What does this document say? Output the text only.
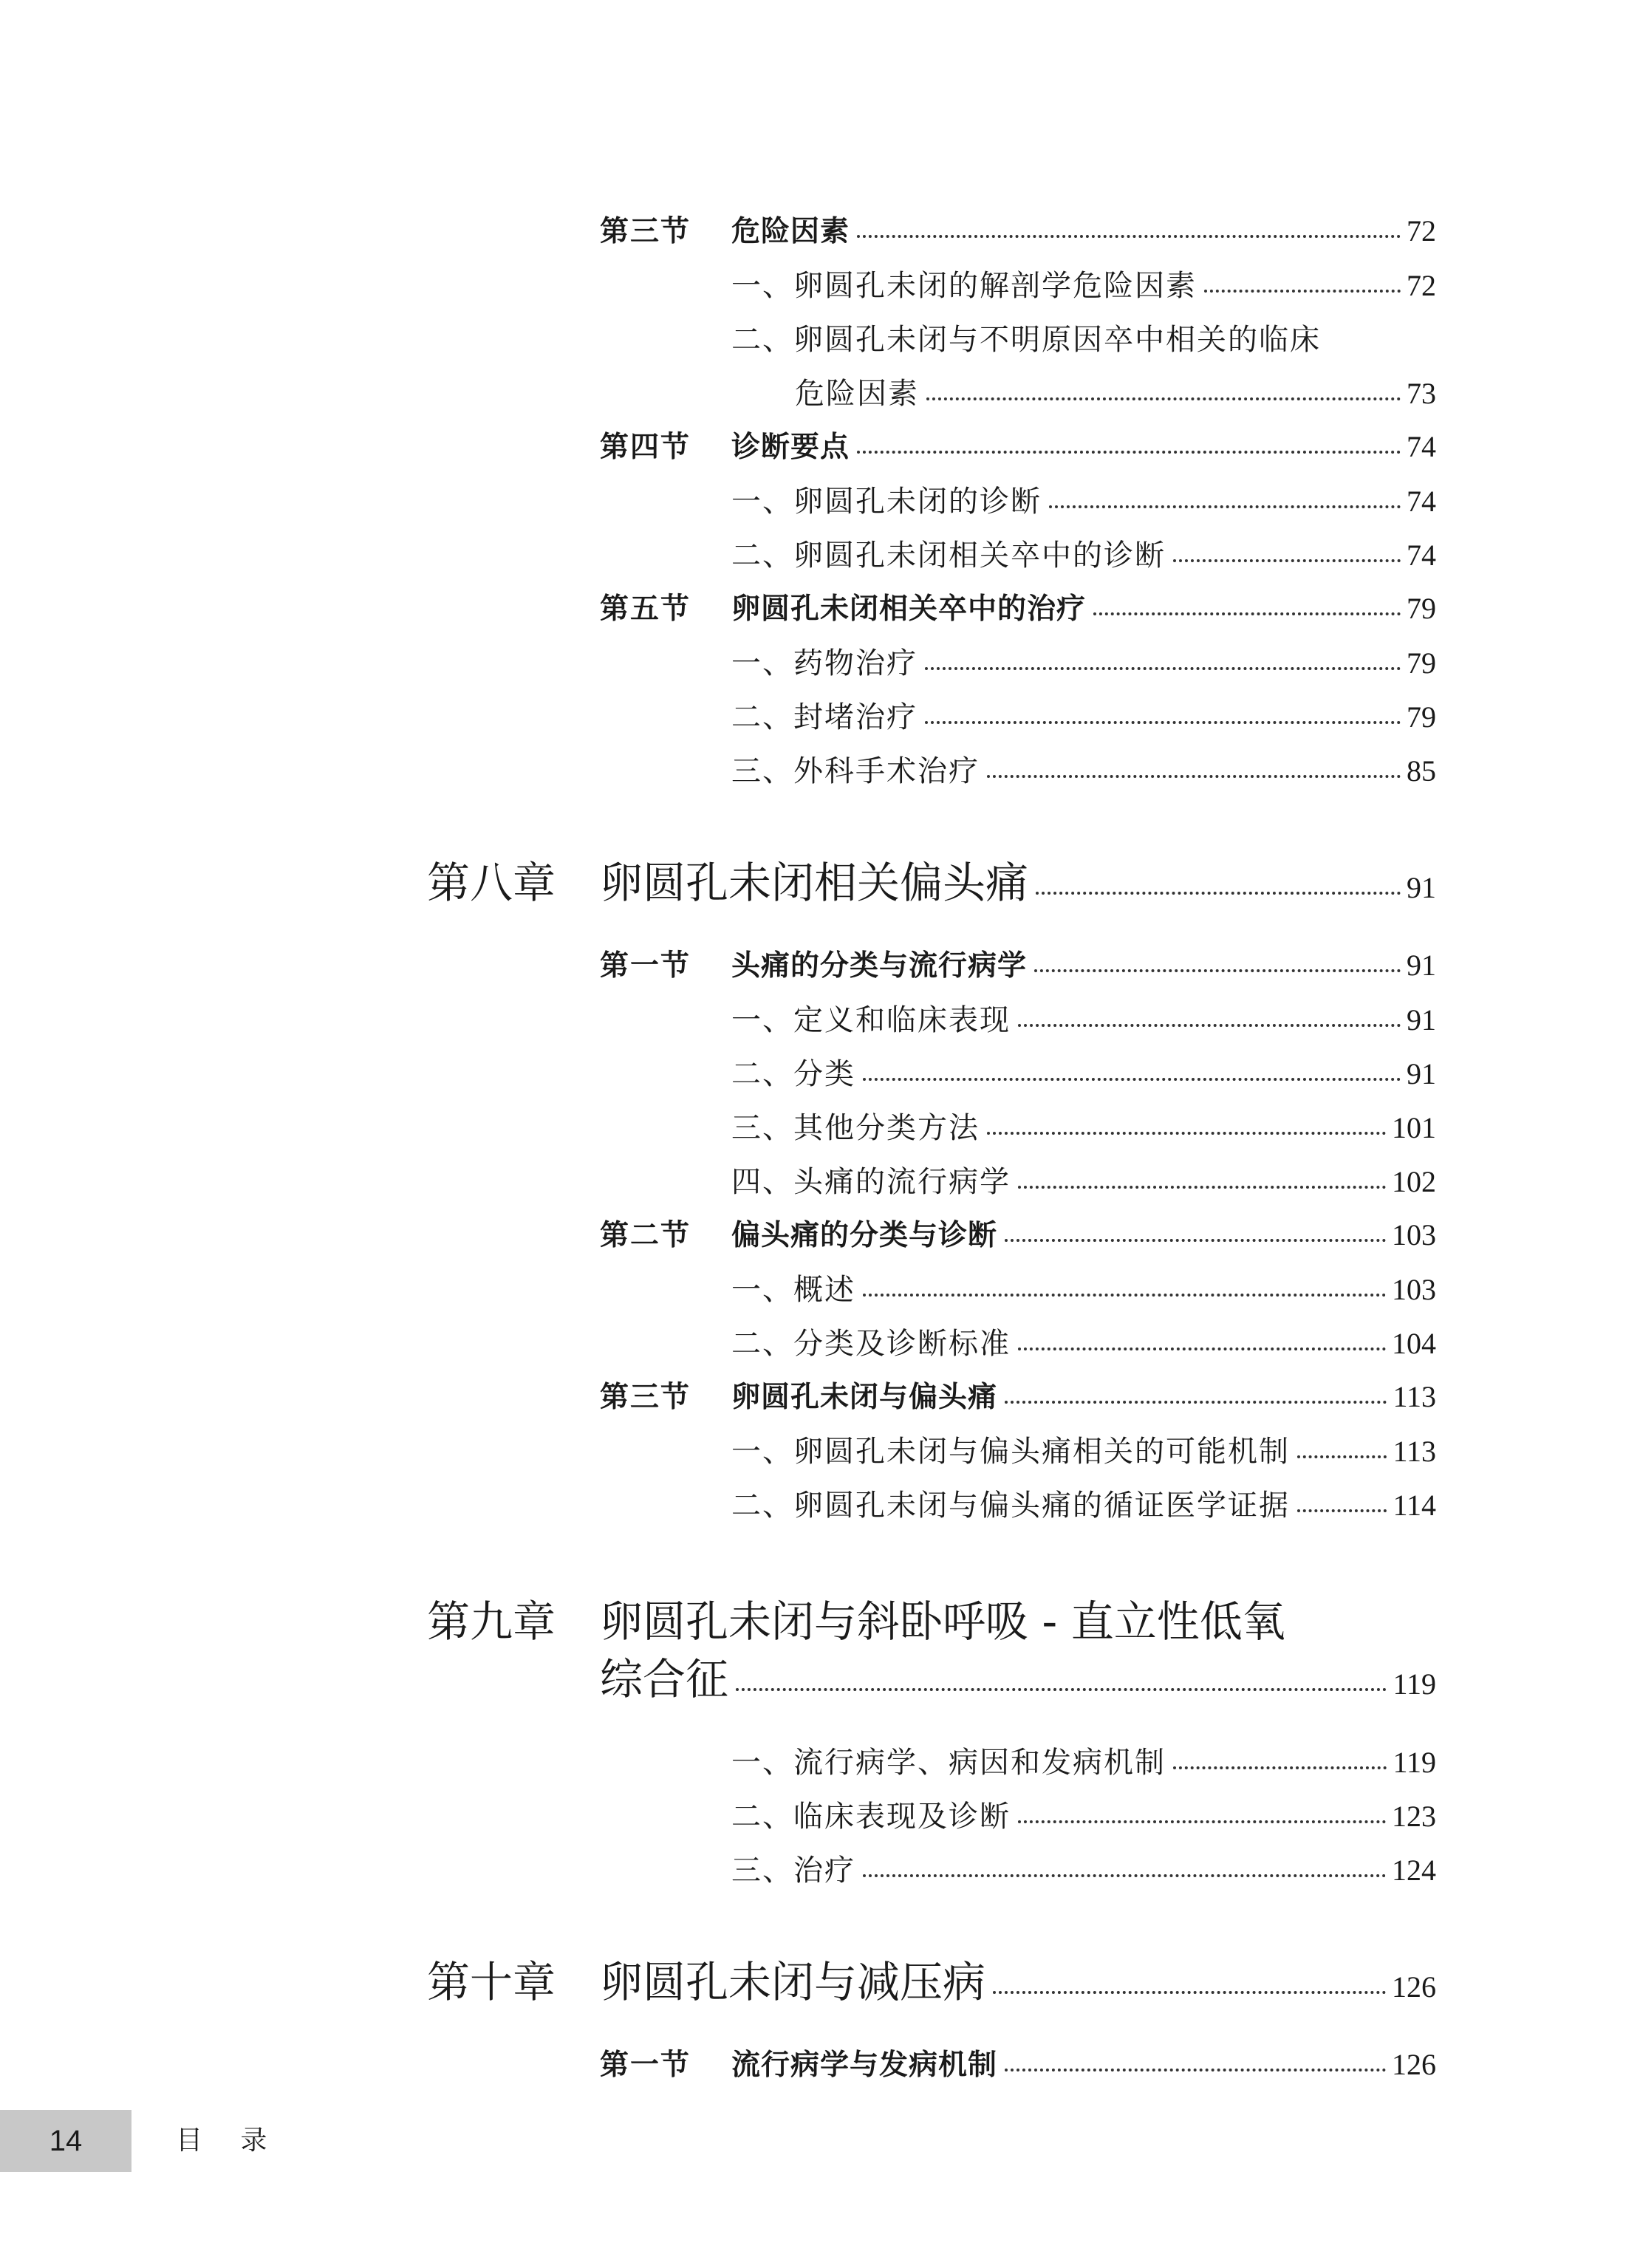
第三节 危险因素	72
一、卵圆孔未闭的解剖学危险因素	72
二、卵圆孔未闭与不明原因卒中相关的临床
危险因素	73
第四节 诊断要点	74
一、卵圆孔未闭的诊断	74
二、卵圆孔未闭相关卒中的诊断	74
第五节 卵圆孔未闭相关卒中的治疗	79
一、药物治疗	79
二、封堵治疗	79
三、外科手术治疗	85
第八章 卵圆孔未闭相关偏头痛	91
第一节 头痛的分类与流行病学	91
一、定义和临床表现	91
二、分类	91
三、其他分类方法	101
四、头痛的流行病学	102
第二节 偏头痛的分类与诊断	103
一、概述	103
二、分类及诊断标准	104
第三节 卵圆孔未闭与偏头痛	113
一、卵圆孔未闭与偏头痛相关的可能机制	113
二、卵圆孔未闭与偏头痛的循证医学证据	114
第九章 卵圆孔未闭与斜卧呼吸 - 直立性低氧
综合征	119
一、流行病学、病因和发病机制	119
二、临床表现及诊断	123
三、治疗	124
第十章 卵圆孔未闭与减压病	126
第一节 流行病学与发病机制	126
14	目 录
